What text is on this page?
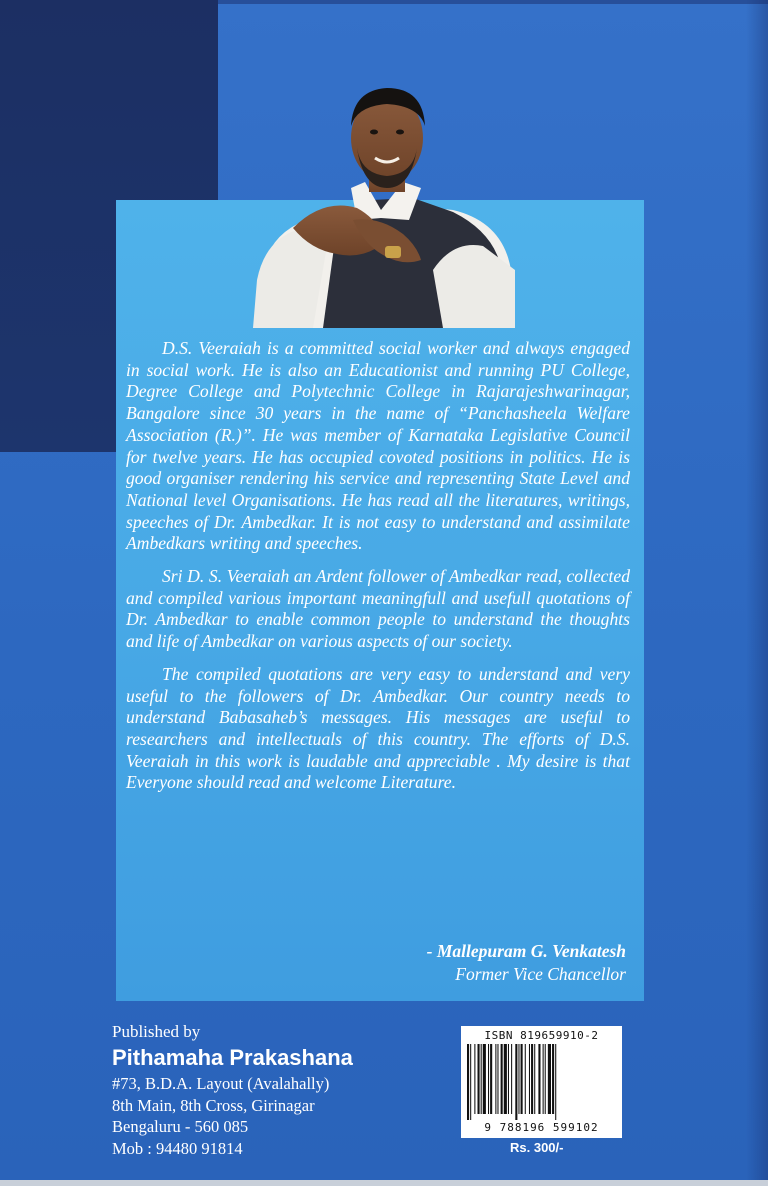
D.S. Veeraiah is a committed social worker and always engaged in social work. He is also an Educationist and running PU College, Degree College and Polytechnic College in Rajarajeshwarinagar, Bangalore since 30 years in the name of “Panchasheela Welfare Association (R.)”. He was member of Karnataka Legislative Council for twelve years. He has occupied covoted positions in politics. He is good organiser rendering his service and representing State Level and National level Organisations. He has read all the literatures, writings, speeches of Dr. Ambedkar. It is not easy to understand and assimilate Ambedkars writing and speeches.

Sri D. S. Veeraiah an Ardent follower of Ambedkar read, collected and compiled various important meaningfull and usefull quotations of Dr. Ambedkar to enable common people to understand the thoughts and life of Ambedkar on various aspects of our society.

The compiled quotations are very easy to understand and very useful to the followers of Dr. Ambedkar. Our country needs to understand Babasaheb’s messages. His messages are useful to researchers and intellectuals of this country. The efforts of D.S. Veeraiah in this work is laudable and appreciable . My desire is that Everyone should read and welcome Literature.

- Mallepuram G. Venkatesh
Former Vice Chancellor
Published by
Pithamaha Prakashana
#73, B.D.A. Layout (Avalahally)
8th Main, 8th Cross, Girinagar
Bengaluru - 560 085
Mob : 94480 91814
ISBN 819659910-2
9 788196 599102
Rs. 300/-
